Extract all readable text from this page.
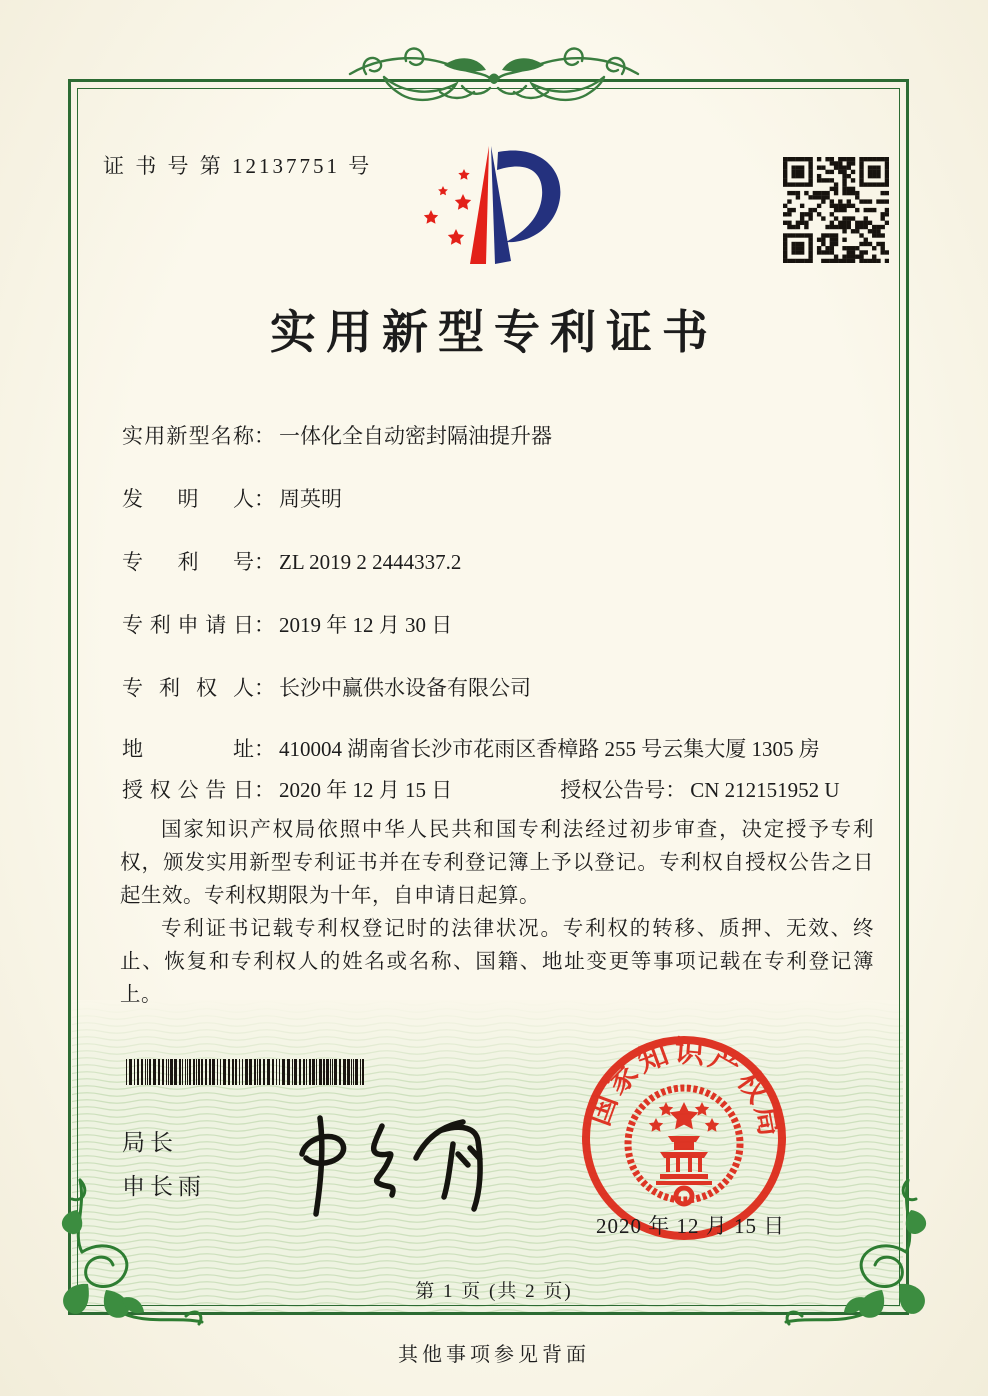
证 书 号 第 12137751 号
实用新型专利证书
实用新型名称： 一体化全自动密封隔油提升器
发明人： 周英明
专利号： ZL 2019 2 2444337.2
专利申请日： 2019 年 12 月 30 日
专利权人： 长沙中赢供水设备有限公司
地址： 410004 湖南省长沙市花雨区香樟路 255 号云集大厦 1305 房
授权公告日： 2020 年 12 月 15 日	授权公告号： CN 212151952 U

国家知识产权局依照中华人民共和国专利法经过初步审查，决定授予专利权，颁发实用新型专利证书并在专利登记簿上予以登记。专利权自授权公告之日起生效。专利权期限为十年，自申请日起算。

专利证书记载专利权登记时的法律状况。专利权的转移、质押、无效、终止、恢复和专利权人的姓名或名称、国籍、地址变更等事项记载在专利登记簿上。

局长
申长雨
国家知识产权局
2020 年 12 月 15 日
第 1 页 (共 2 页)
其他事项参见背面
